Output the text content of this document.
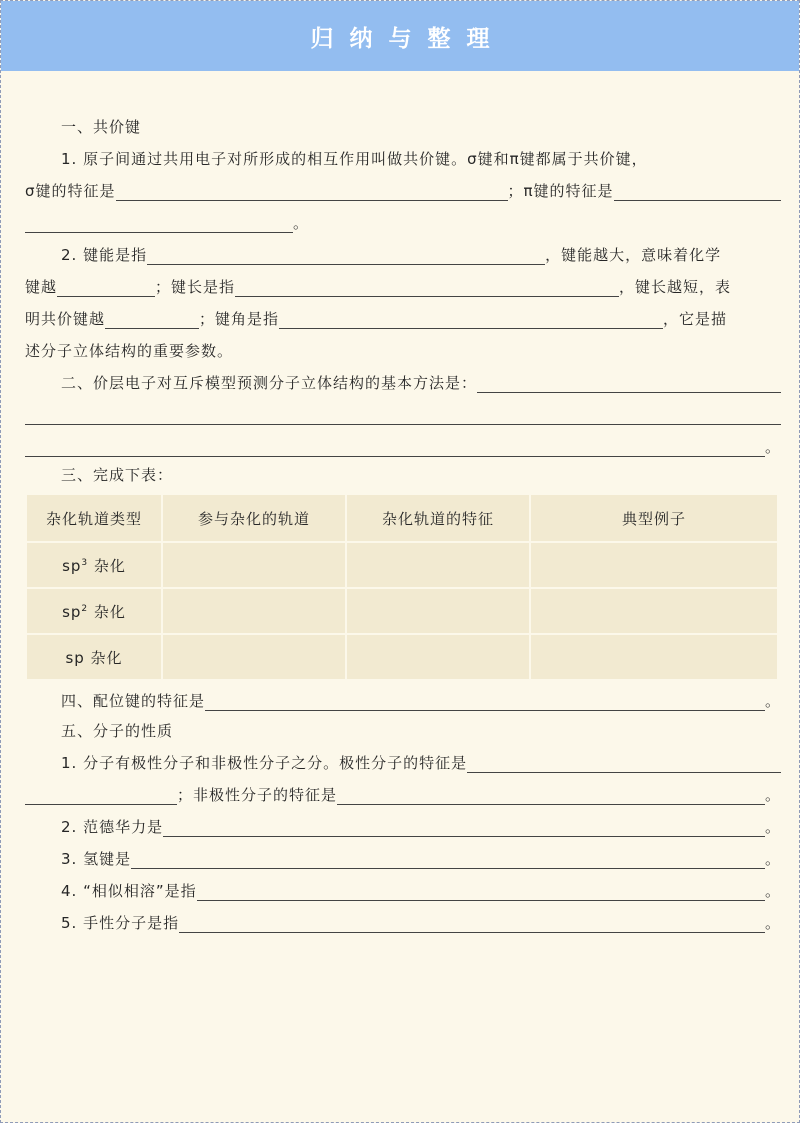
归纳与整理
一、共价键
1. 原子间通过共用电子对所形成的相互作用叫做共价键。σ键和π键都属于共价键，
σ键的特征是	；π键的特征是
。
2. 键能是指	，键能越大，意味着化学
键越	；键长是指	，键长越短，表
明共价键越	；键角是指	，它是描
述分子立体结构的重要参数。
二、价层电子对互斥模型预测分子立体结构的基本方法是：
。
三、完成下表：
杂化轨道类型	参与杂化的轨道	杂化轨道的特征	典型例子
$sp^3$ 杂化			
$sp^2$ 杂化			
sp 杂化			
四、配位键的特征是	。
五、分子的性质
1. 分子有极性分子和非极性分子之分。极性分子的特征是
；非极性分子的特征是	。
2. 范德华力是	。
3. 氢键是	。
4. “相似相溶”是指	。
5. 手性分子是指	。
